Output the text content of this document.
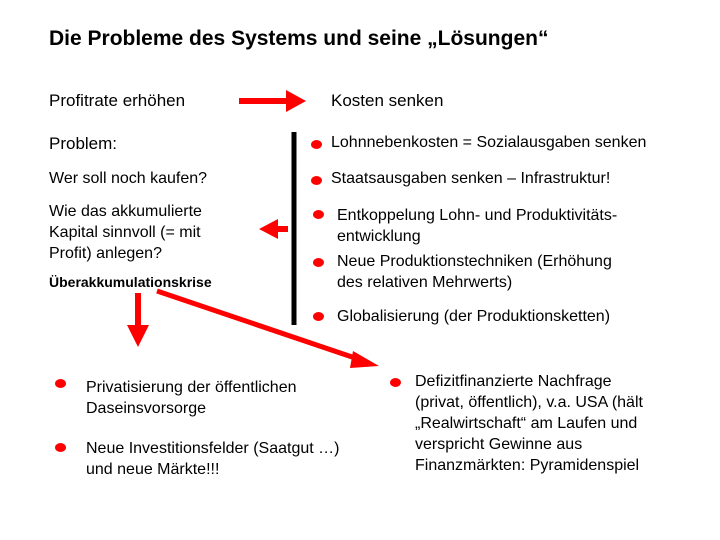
Die Probleme des Systems und seine „Lösungen“
Profitrate erhöhen
Problem:
Wer soll noch kaufen?
Wie das akkumulierte
Kapital sinnvoll (= mit
Profit) anlegen?
Überakkumulationskrise
Kosten senken
Lohnnebenkosten = Sozialausgaben senken
Staatsausgaben senken – Infrastruktur!
Entkoppelung Lohn- und Produktivitäts-
entwicklung
Neue Produktionstechniken (Erhöhung
des relativen Mehrwerts)
Globalisierung (der Produktionsketten)
Privatisierung der öffentlichen
Daseinsvorsorge
Neue Investitionsfelder (Saatgut …)
und neue Märkte!!!
Defizitfinanzierte Nachfrage
(privat, öffentlich), v.a. USA (hält
„Realwirtschaft“ am Laufen und
verspricht Gewinne aus
Finanzmärkten: Pyramidenspiel
